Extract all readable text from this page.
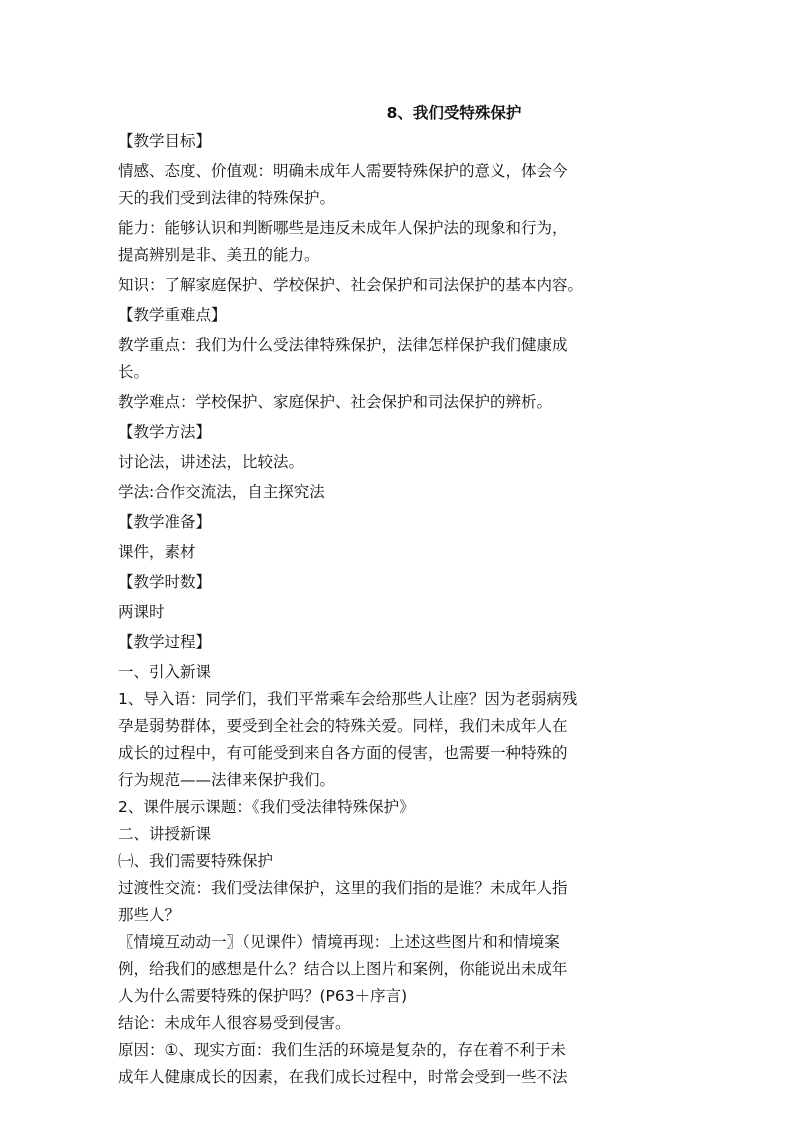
8、我们受特殊保护
【教学目标】
情感、态度、价值观：明确未成年人需要特殊保护的意义，体会今
天的我们受到法律的特殊保护。
能力：能够认识和判断哪些是违反未成年人保护法的现象和行为，
提高辨别是非、美丑的能力。
知识：了解家庭保护、学校保护、社会保护和司法保护的基本内容。
【教学重难点】
教学重点：我们为什么受法律特殊保护，法律怎样保护我们健康成
长。
教学难点：学校保护、家庭保护、社会保护和司法保护的辨析。
【教学方法】
讨论法，讲述法，比较法。
学法:合作交流法，自主探究法
【教学准备】
课件，素材
【教学时数】
两课时
【教学过程】
一、引入新课
1、导入语：同学们，我们平常乘车会给那些人让座？因为老弱病残
孕是弱势群体，要受到全社会的特殊关爱。同样，我们未成年人在
成长的过程中，有可能受到来自各方面的侵害，也需要一种特殊的
行为规范——法律来保护我们。
2、课件展示课题：《我们受法律特殊保护》
二、讲授新课
㈠、我们需要特殊保护
过渡性交流：我们受法律保护，这里的我们指的是谁？未成年人指
那些人？
〖情境互动动一〗（见课件）情境再现：上述这些图片和和情境案
例，给我们的感想是什么？结合以上图片和案例，你能说出未成年
人为什么需要特殊的保护吗？(P63＋序言)
结论：未成年人很容易受到侵害。
原因：①、现实方面：我们生活的环境是复杂的，存在着不利于未
成年人健康成长的因素，在我们成长过程中，时常会受到一些不法
